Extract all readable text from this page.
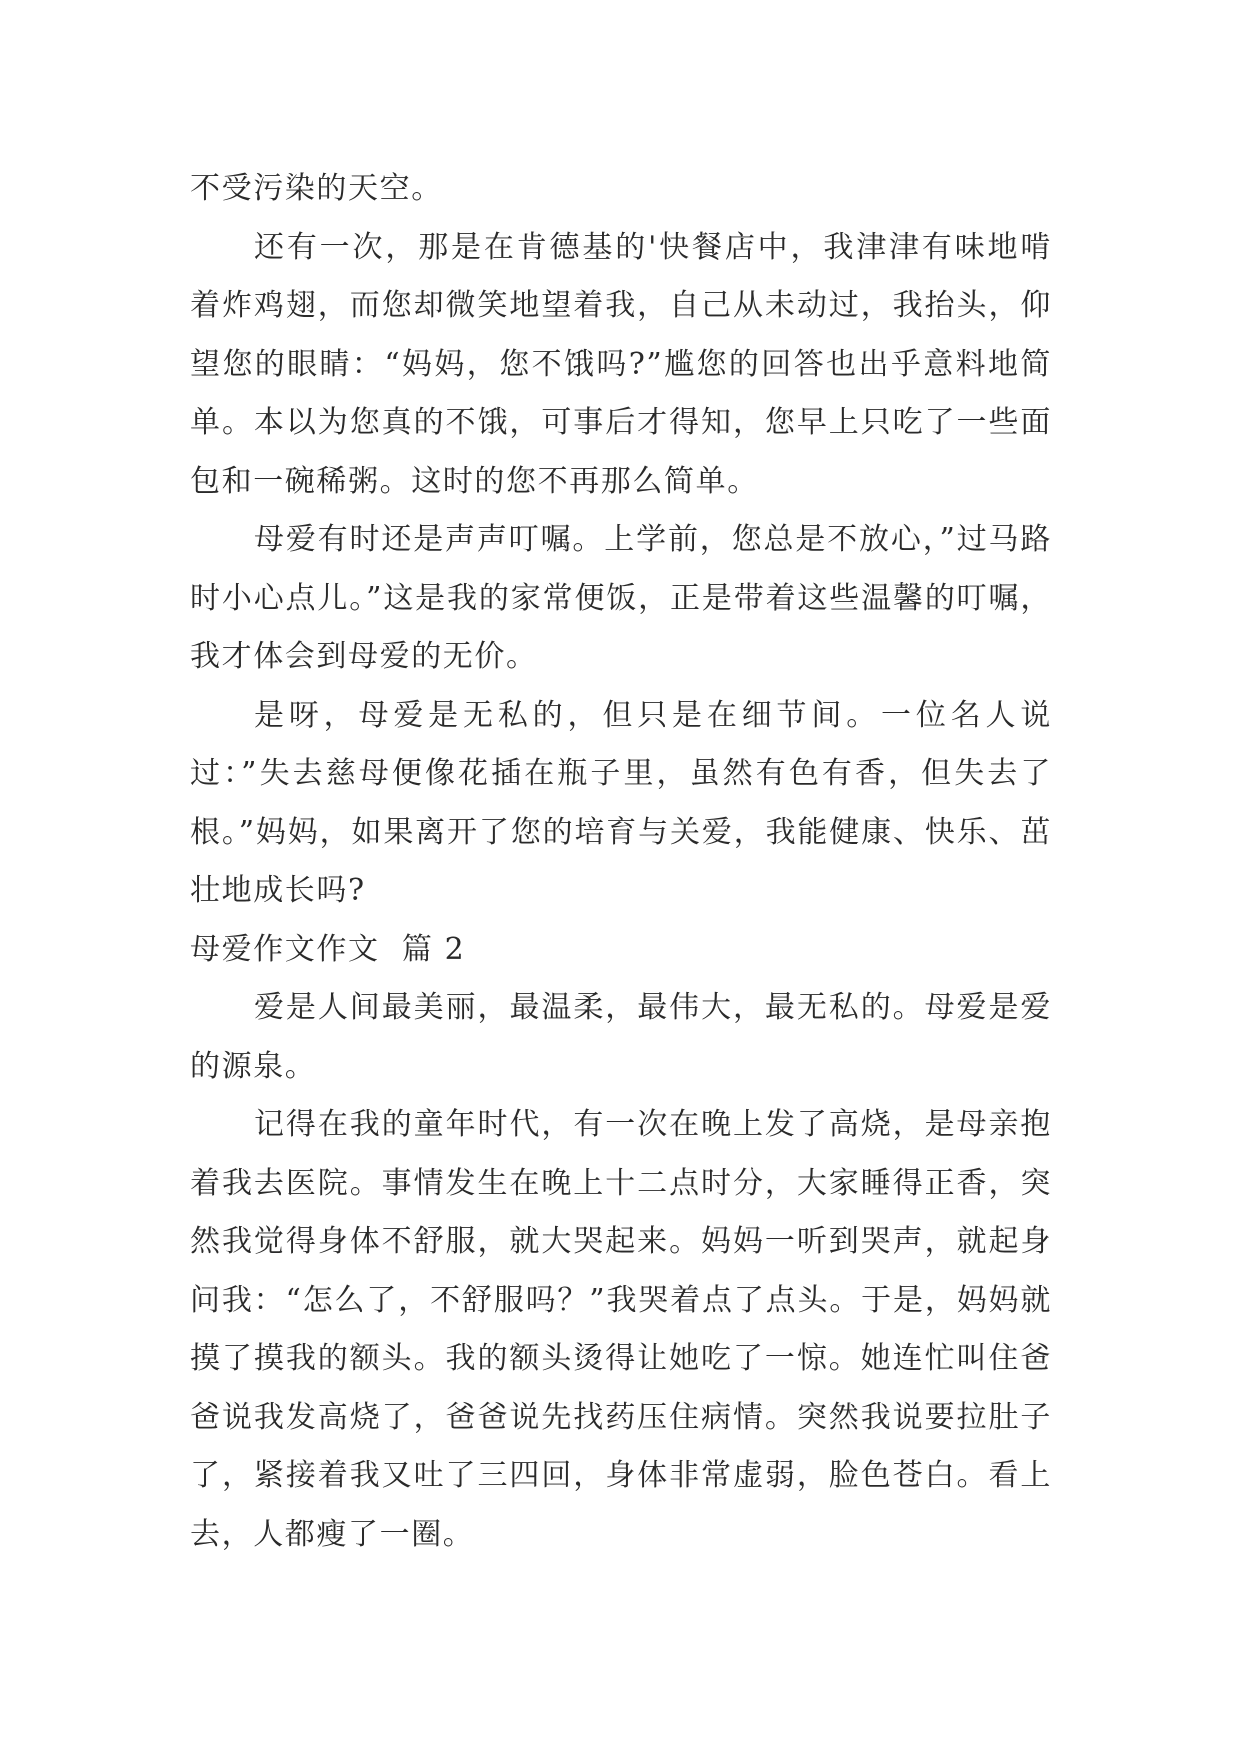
不受污染的天空。

还有一次，那是在肯德基的'快餐店中，我津津有味地啃着炸鸡翅，而您却微笑地望着我，自己从未动过，我抬头，仰望您的眼睛：“妈妈，您不饿吗?”尴您的回答也出乎意料地简单。本以为您真的不饿，可事后才得知，您早上只吃了一些面包和一碗稀粥。这时的您不再那么简单。

母爱有时还是声声叮嘱。上学前，您总是不放心，”过马路时小心点儿。”这是我的家常便饭，正是带着这些温馨的叮嘱，我才体会到母爱的无价。

是呀，母爱是无私的，但只是在细节间。一位名人说过：”失去慈母便像花插在瓶子里，虽然有色有香，但失去了根。”妈妈，如果离开了您的培育与关爱，我能健康、快乐、茁壮地成长吗?

母爱作文作文  篇 2

爱是人间最美丽，最温柔，最伟大，最无私的。母爱是爱的源泉。

记得在我的童年时代，有一次在晚上发了高烧，是母亲抱着我去医院。事情发生在晚上十二点时分，大家睡得正香，突然我觉得身体不舒服，就大哭起来。妈妈一听到哭声，就起身问我：“怎么了，不舒服吗？”我哭着点了点头。于是，妈妈就摸了摸我的额头。我的额头烫得让她吃了一惊。她连忙叫住爸爸说我发高烧了，爸爸说先找药压住病情。突然我说要拉肚子了，紧接着我又吐了三四回，身体非常虚弱，脸色苍白。看上去，人都瘦了一圈。
